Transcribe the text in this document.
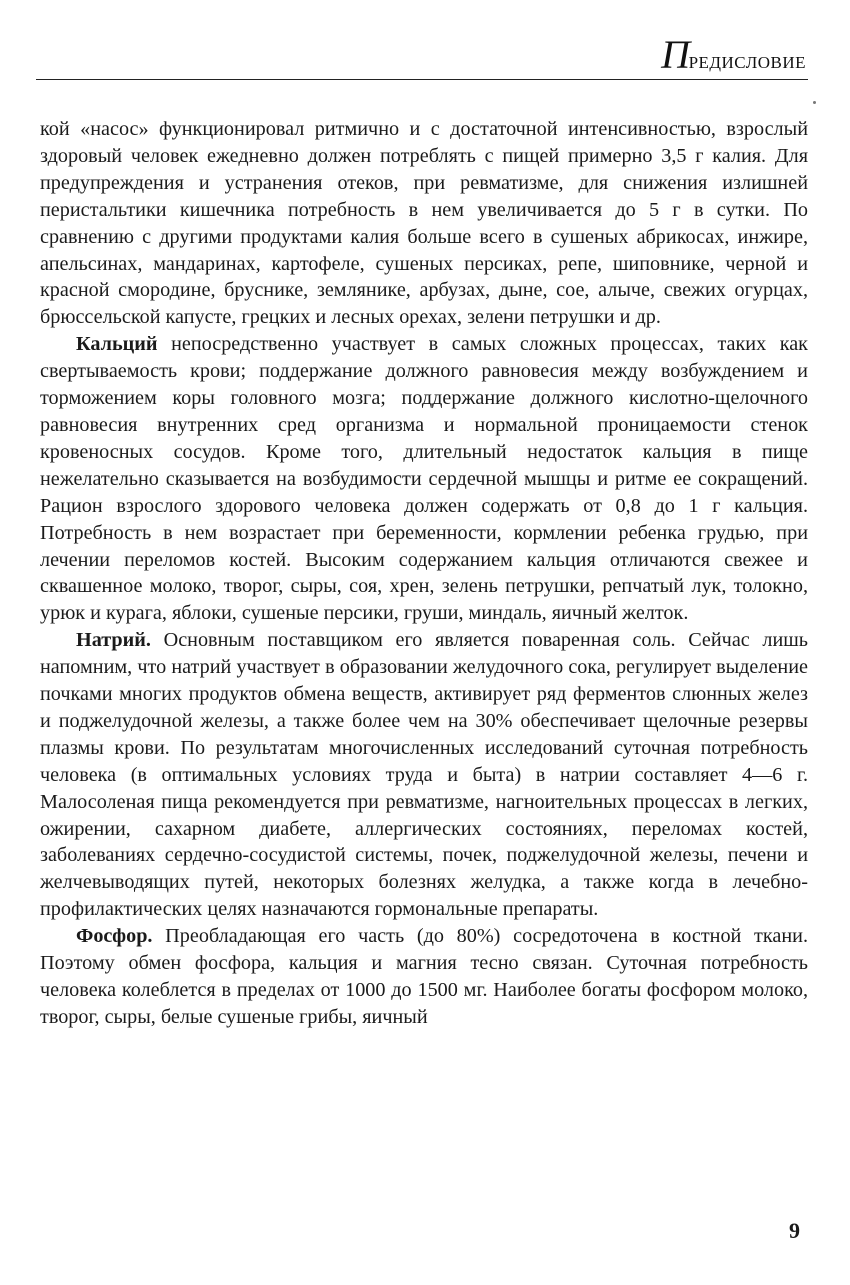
Предисловие

кой «насос» функционировал ритмично и с достаточной интенсивностью, взрослый здоровый человек ежедневно должен потреблять с пищей примерно 3,5 г калия. Для предупреждения и устранения отеков, при ревматизме, для снижения излишней перистальтики кишечника потребность в нем увеличивается до 5 г в сутки. По сравнению с другими продуктами калия больше всего в сушеных абрикосах, инжире, апельсинах, мандаринах, картофеле, сушеных персиках, репе, шиповнике, черной и красной смородине, бруснике, землянике, арбузах, дыне, сое, алыче, свежих огурцах, брюссельской капусте, грецких и лесных орехах, зелени петрушки и др.

Кальций непосредственно участвует в самых сложных процессах, таких как свертываемость крови; поддержание должного равновесия между возбуждением и торможением коры головного мозга; поддержание должного кислотно-щелочного равновесия внутренних сред организма и нормальной проницаемости стенок кровеносных сосудов. Кроме того, длительный недостаток кальция в пище нежелательно сказывается на возбудимости сердечной мышцы и ритме ее сокращений. Рацион взрослого здорового человека должен содержать от 0,8 до 1 г кальция. Потребность в нем возрастает при беременности, кормлении ребенка грудью, при лечении переломов костей. Высоким содержанием кальция отличаются свежее и сквашенное молоко, творог, сыры, соя, хрен, зелень петрушки, репчатый лук, толокно, урюк и курага, яблоки, сушеные персики, груши, миндаль, яичный желток.

Натрий. Основным поставщиком его является поваренная соль. Сейчас лишь напомним, что натрий участвует в образовании желудочного сока, регулирует выделение почками многих продуктов обмена веществ, активирует ряд ферментов слюнных желез и поджелудочной железы, а также более чем на 30% обеспечивает щелочные резервы плазмы крови. По результатам многочисленных исследований суточная потребность человека (в оптимальных условиях труда и быта) в натрии составляет 4—6 г. Малосоленая пища рекомендуется при ревматизме, нагноительных процессах в легких, ожирении, сахарном диабете, аллергических состояниях, переломах костей, заболеваниях сердечно-сосудистой системы, почек, поджелудочной железы, печени и желчевыводящих путей, некоторых болезнях желудка, а также когда в лечебно-профилактических целях назначаются гормональные препараты.

Фосфор. Преобладающая его часть (до 80%) сосредоточена в костной ткани. Поэтому обмен фосфора, кальция и магния тесно связан. Суточная потребность человека колеблется в пределах от 1000 до 1500 мг. Наиболее богаты фосфором молоко, творог, сыры, белые сушеные грибы, яичный

9
